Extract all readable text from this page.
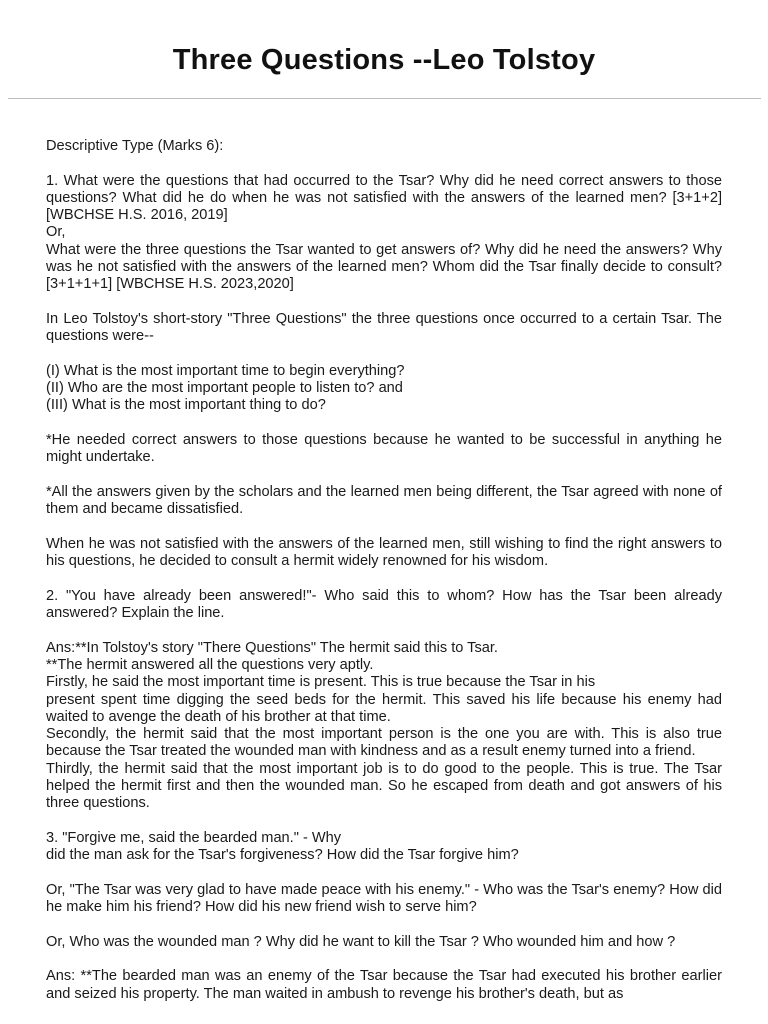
Three Questions --Leo Tolstoy

Descriptive Type (Marks 6):

1. What were the questions that had occurred to the Tsar? Why did he need correct answers to those questions? What did he do when he was not satisfied with the answers of the learned men? [3+1+2] [WBCHSE H.S. 2016, 2019]

Or,

What were the three questions the Tsar wanted to get answers of? Why did he need the answers? Why was he not satisfied with the answers of the learned men? Whom did the Tsar finally decide to consult? [3+1+1+1] [WBCHSE H.S. 2023,2020]

In Leo Tolstoy's short-story "Three Questions" the three questions once occurred to a certain Tsar. The questions were--

(I) What is the most important time to begin everything?

(II) Who are the most important people to listen to? and

(III) What is the most important thing to do?

*He needed correct answers to those questions because he wanted to be successful in anything he might undertake.

*All the answers given by the scholars and the learned men being different, the Tsar agreed with none of them and became dissatisfied.

When he was not satisfied with the answers of the learned men, still wishing to find the right answers to his questions, he decided to consult a hermit widely renowned for his wisdom.

2. "You have already been answered!"- Who said this to whom? How has the Tsar been already answered? Explain the line.

Ans:**In Tolstoy's story "There Questions" The hermit said this to Tsar.

**The hermit answered all the questions very aptly.

Firstly, he said the most important time is present. This is true because the Tsar in his

present spent time digging the seed beds for the hermit. This saved his life because his enemy had waited to avenge the death of his brother at that time.

Secondly, the hermit said that the most important person is the one you are with. This is also true because the Tsar treated the wounded man with kindness and as a result enemy turned into a friend.

Thirdly, the hermit said that the most important job is to do good to the people. This is true. The Tsar helped the hermit first and then the wounded man. So he escaped from death and got answers of his three questions.

3. "Forgive me, said the bearded man." - Why

did the man ask for the Tsar's forgiveness? How did the Tsar forgive him?

Or, "The Tsar was very glad to have made peace with his enemy." - Who was the Tsar's enemy? How did he make him his friend? How did his new friend wish to serve him?

Or, Who was the wounded man ? Why did he want to kill the Tsar ? Who wounded him and how ?

Ans: **The bearded man was an enemy of the Tsar because the Tsar had executed his brother earlier and seized his property. The man waited in ambush to revenge his brother's death, but as
